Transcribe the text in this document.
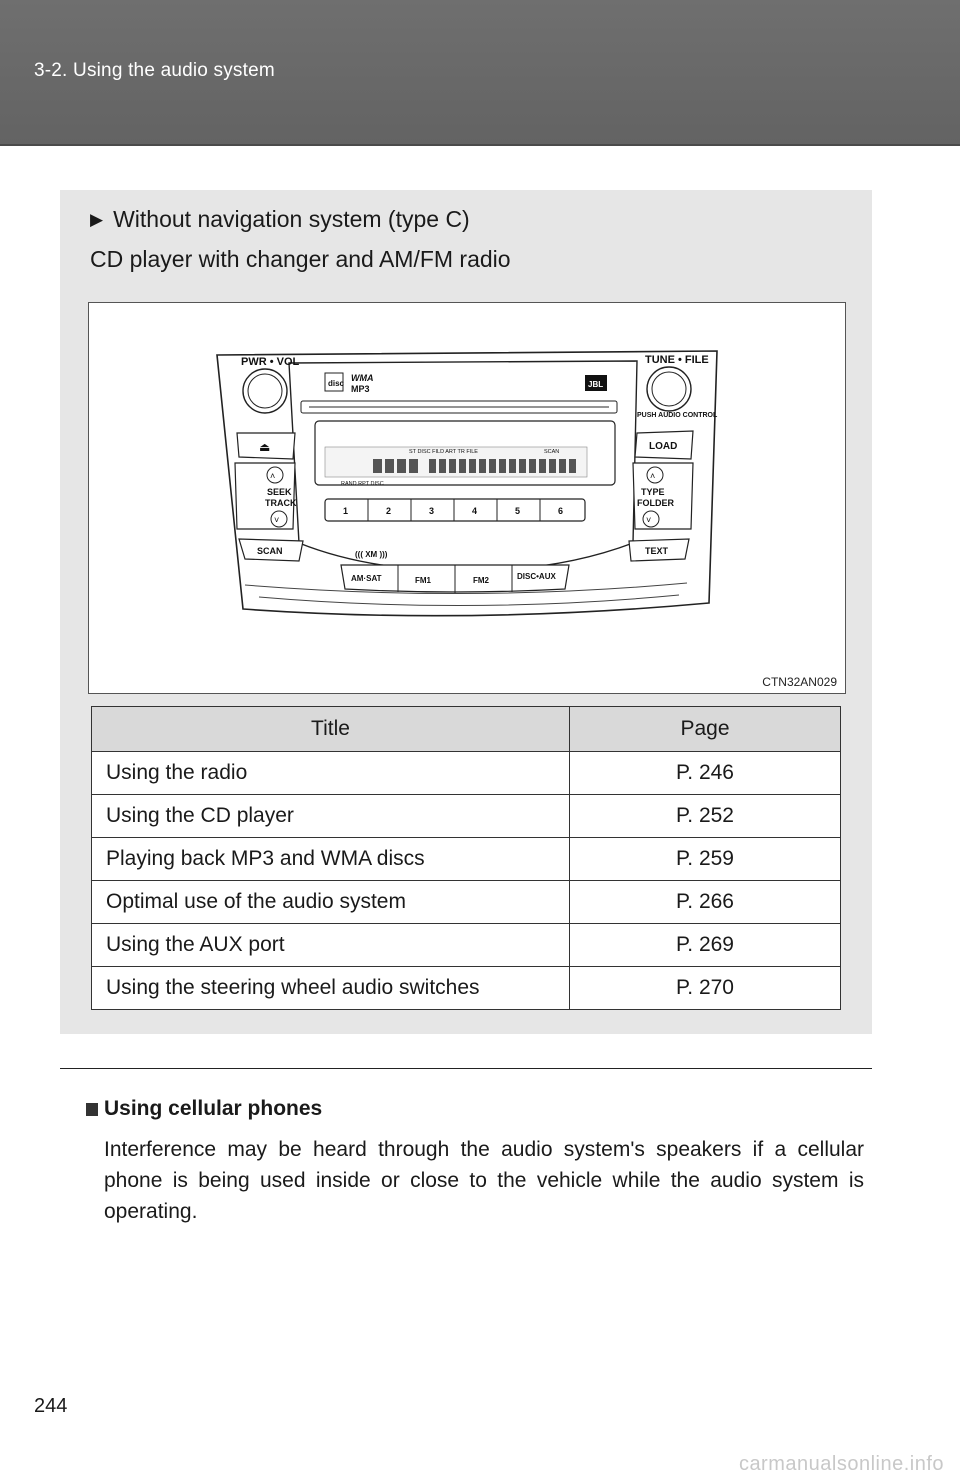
3-2. Using the audio system
▶ Without navigation system (type C)
CD player with changer and AM/FM radio
PWR • VOL	TUNE • FILE
PUSH AUDIO CONTROL
disc
WMA
MP3	JBL
⏏
˄
SEEK
TRACK
˅
SCAN
LOAD
˄
TYPE
FOLDER
˅
TEXT
ST DISC FILD ART TR FILE	SCAN
RAND RPT DISC
1	2	3	4	5	6
((( XM )))
AM·SAT	FM1	FM2	DISC•AUX
CTN32AN029
Title	Page
Using the radio	P. 246
Using the CD player	P. 252
Playing back MP3 and WMA discs	P. 259
Optimal use of the audio system	P. 266
Using the AUX port	P. 269
Using the steering wheel audio switches	P. 270
Using cellular phones
Interference may be heard through the audio system's speakers if a cellular phone is being used inside or close to the vehicle while the audio system is operating.
244
carmanualsonline.info
